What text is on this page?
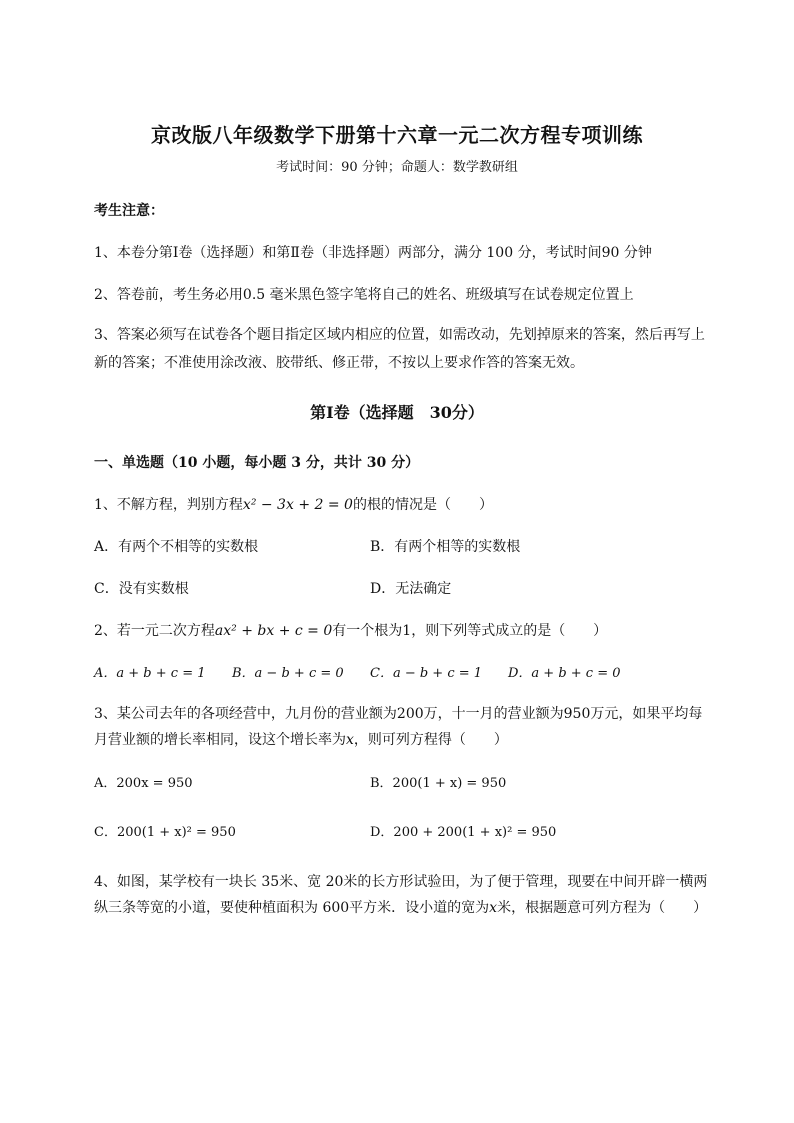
京改版八年级数学下册第十六章一元二次方程专项训练
考试时间：90 分钟；命题人：数学教研组
考生注意：
1、本卷分第Ⅰ卷（选择题）和第Ⅱ卷（非选择题）两部分，满分 100 分，考试时间90 分钟
2、答卷前，考生务必用0.5 毫米黑色签字笔将自己的姓名、班级填写在试卷规定位置上
3、答案必须写在试卷各个题目指定区域内相应的位置，如需改动，先划掉原来的答案，然后再写上新的答案；不准使用涂改液、胶带纸、修正带，不按以上要求作答的答案无效。
第Ⅰ卷（选择题　30分）
一、单选题（10 小题，每小题 3 分，共计 30 分）
1、不解方程，判别方程x² − 3x + 2 = 0的根的情况是（　　）
A．有两个不相等的实数根	B．有两个相等的实数根
C．没有实数根	D．无法确定
2、若一元二次方程ax² + bx + c = 0有一个根为1，则下列等式成立的是（　　）
A．a + b + c = 1 B．a − b + c = 0 C．a − b + c = 1 D．a + b + c = 0
3、某公司去年的各项经营中，九月份的营业额为200万，十一月的营业额为950万元，如果平均每
月营业额的增长率相同，设这个增长率为x，则可列方程得（　　）
A．200x = 950	B．200(1 + x) = 950
C．200(1 + x)² = 950	D．200 + 200(1 + x)² = 950
4、如图，某学校有一块长 35米、宽 20米的长方形试验田，为了便于管理，现要在中间开辟一横两
纵三条等宽的小道，要使种植面积为 600平方米．设小道的宽为x米，根据题意可列方程为（　　）
